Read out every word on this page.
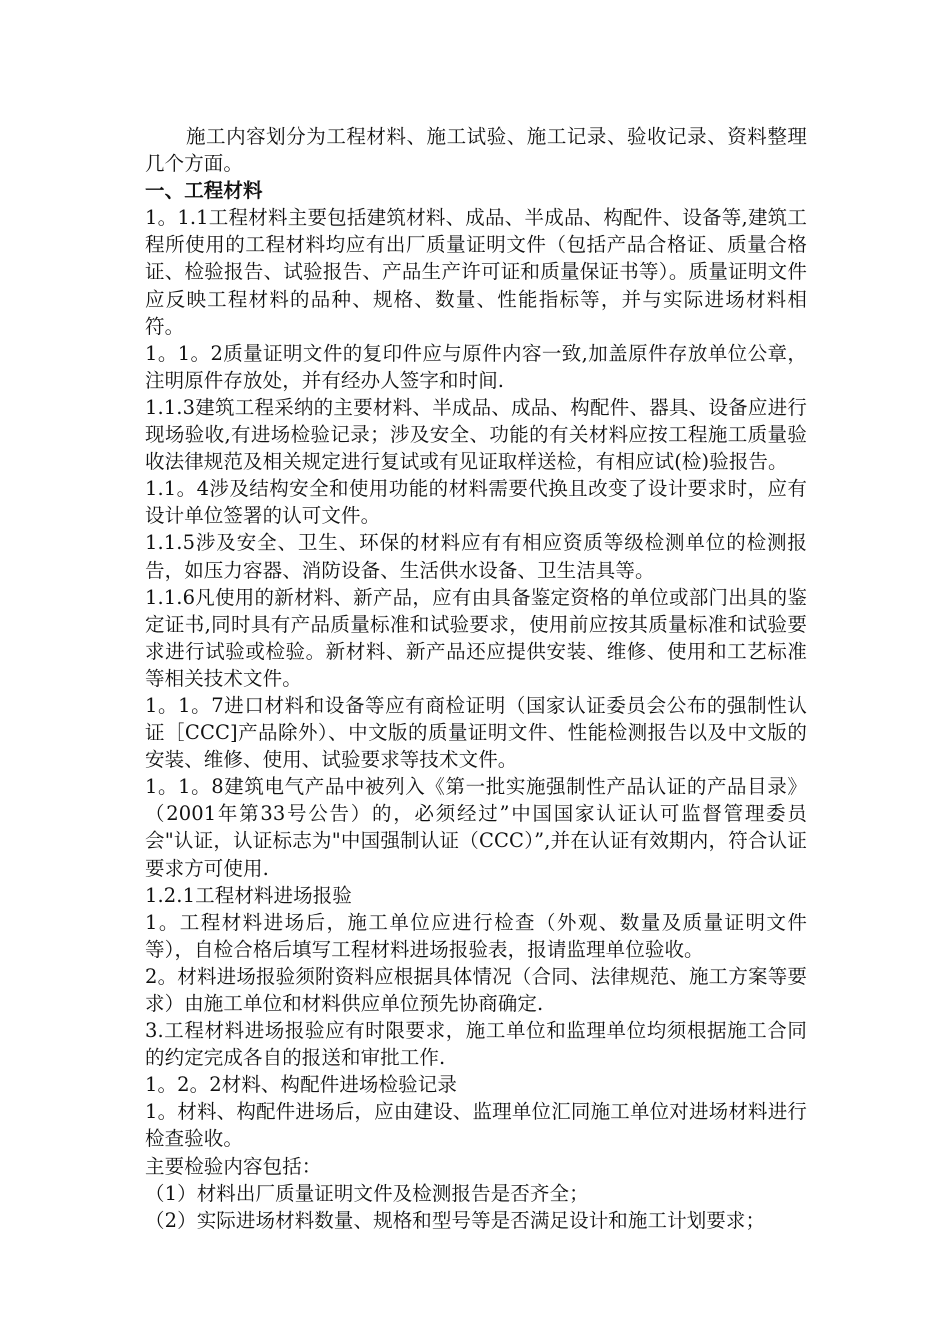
施工内容划分为工程材料、施工试验、施工记录、验收记录、资料整理几个方面。

一、工程材料

1。1.1工程材料主要包括建筑材料、成品、半成品、构配件、设备等,建筑工程所使用的工程材料均应有出厂质量证明文件（包括产品合格证、质量合格证、检验报告、试验报告、产品生产许可证和质量保证书等）。质量证明文件应反映工程材料的品种、规格、数量、性能指标等，并与实际进场材料相符。

1。1。2质量证明文件的复印件应与原件内容一致,加盖原件存放单位公章，注明原件存放处，并有经办人签字和时间.

1.1.3建筑工程采纳的主要材料、半成品、成品、构配件、器具、设备应进行现场验收,有进场检验记录；涉及安全、功能的有关材料应按工程施工质量验收法律规范及相关规定进行复试或有见证取样送检，有相应试(检)验报告。

1.1。4涉及结构安全和使用功能的材料需要代换且改变了设计要求时，应有设计单位签署的认可文件。

1.1.5涉及安全、卫生、环保的材料应有有相应资质等级检测单位的检测报告，如压力容器、消防设备、生活供水设备、卫生洁具等。

1.1.6凡使用的新材料、新产品，应有由具备鉴定资格的单位或部门出具的鉴定证书,同时具有产品质量标准和试验要求，使用前应按其质量标准和试验要求进行试验或检验。新材料、新产品还应提供安装、维修、使用和工艺标准等相关技术文件。

1。1。7进口材料和设备等应有商检证明（国家认证委员会公布的强制性认证［CCC]产品除外）、中文版的质量证明文件、性能检测报告以及中文版的安装、维修、使用、试验要求等技术文件。

1。1。8建筑电气产品中被列入《第一批实施强制性产品认证的产品目录》（2001年第33号公告）的，必须经过”中国国家认证认可监督管理委员会"认证，认证标志为"中国强制认证（CCC）”,并在认证有效期内，符合认证要求方可使用.

1.2.1工程材料进场报验

1。工程材料进场后，施工单位应进行检查（外观、数量及质量证明文件等），自检合格后填写工程材料进场报验表，报请监理单位验收。

2。材料进场报验须附资料应根据具体情况（合同、法律规范、施工方案等要求）由施工单位和材料供应单位预先协商确定.

3.工程材料进场报验应有时限要求，施工单位和监理单位均须根据施工合同的约定完成各自的报送和审批工作.

1。2。2材料、构配件进场检验记录

1。材料、构配件进场后，应由建设、监理单位汇同施工单位对进场材料进行检查验收。

主要检验内容包括：

（1）材料出厂质量证明文件及检测报告是否齐全；

（2）实际进场材料数量、规格和型号等是否满足设计和施工计划要求；
